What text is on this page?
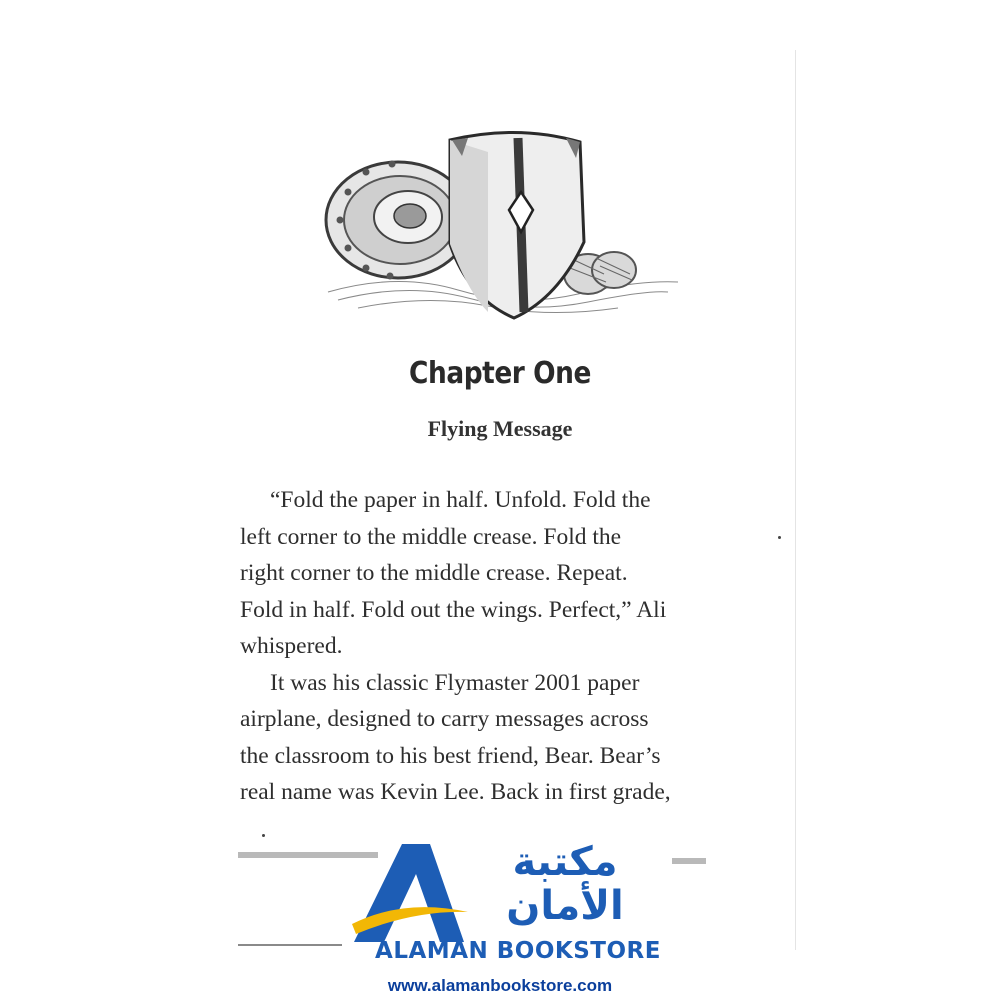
Chapter One
Flying Message
“Fold the paper in half. Unfold. Fold the
left corner to the middle crease. Fold the
right corner to the middle crease. Repeat.
Fold in half. Fold out the wings. Perfect,” Ali
whispered.
It was his classic Flymaster 2001 paper
airplane, designed to carry messages across
the classroom to his best friend, Bear. Bear’s
real name was Kevin Lee. Back in first grade,
مكتبة
الأمان
ALAMAN BOOKSTORE
www.alamanbookstore.com
